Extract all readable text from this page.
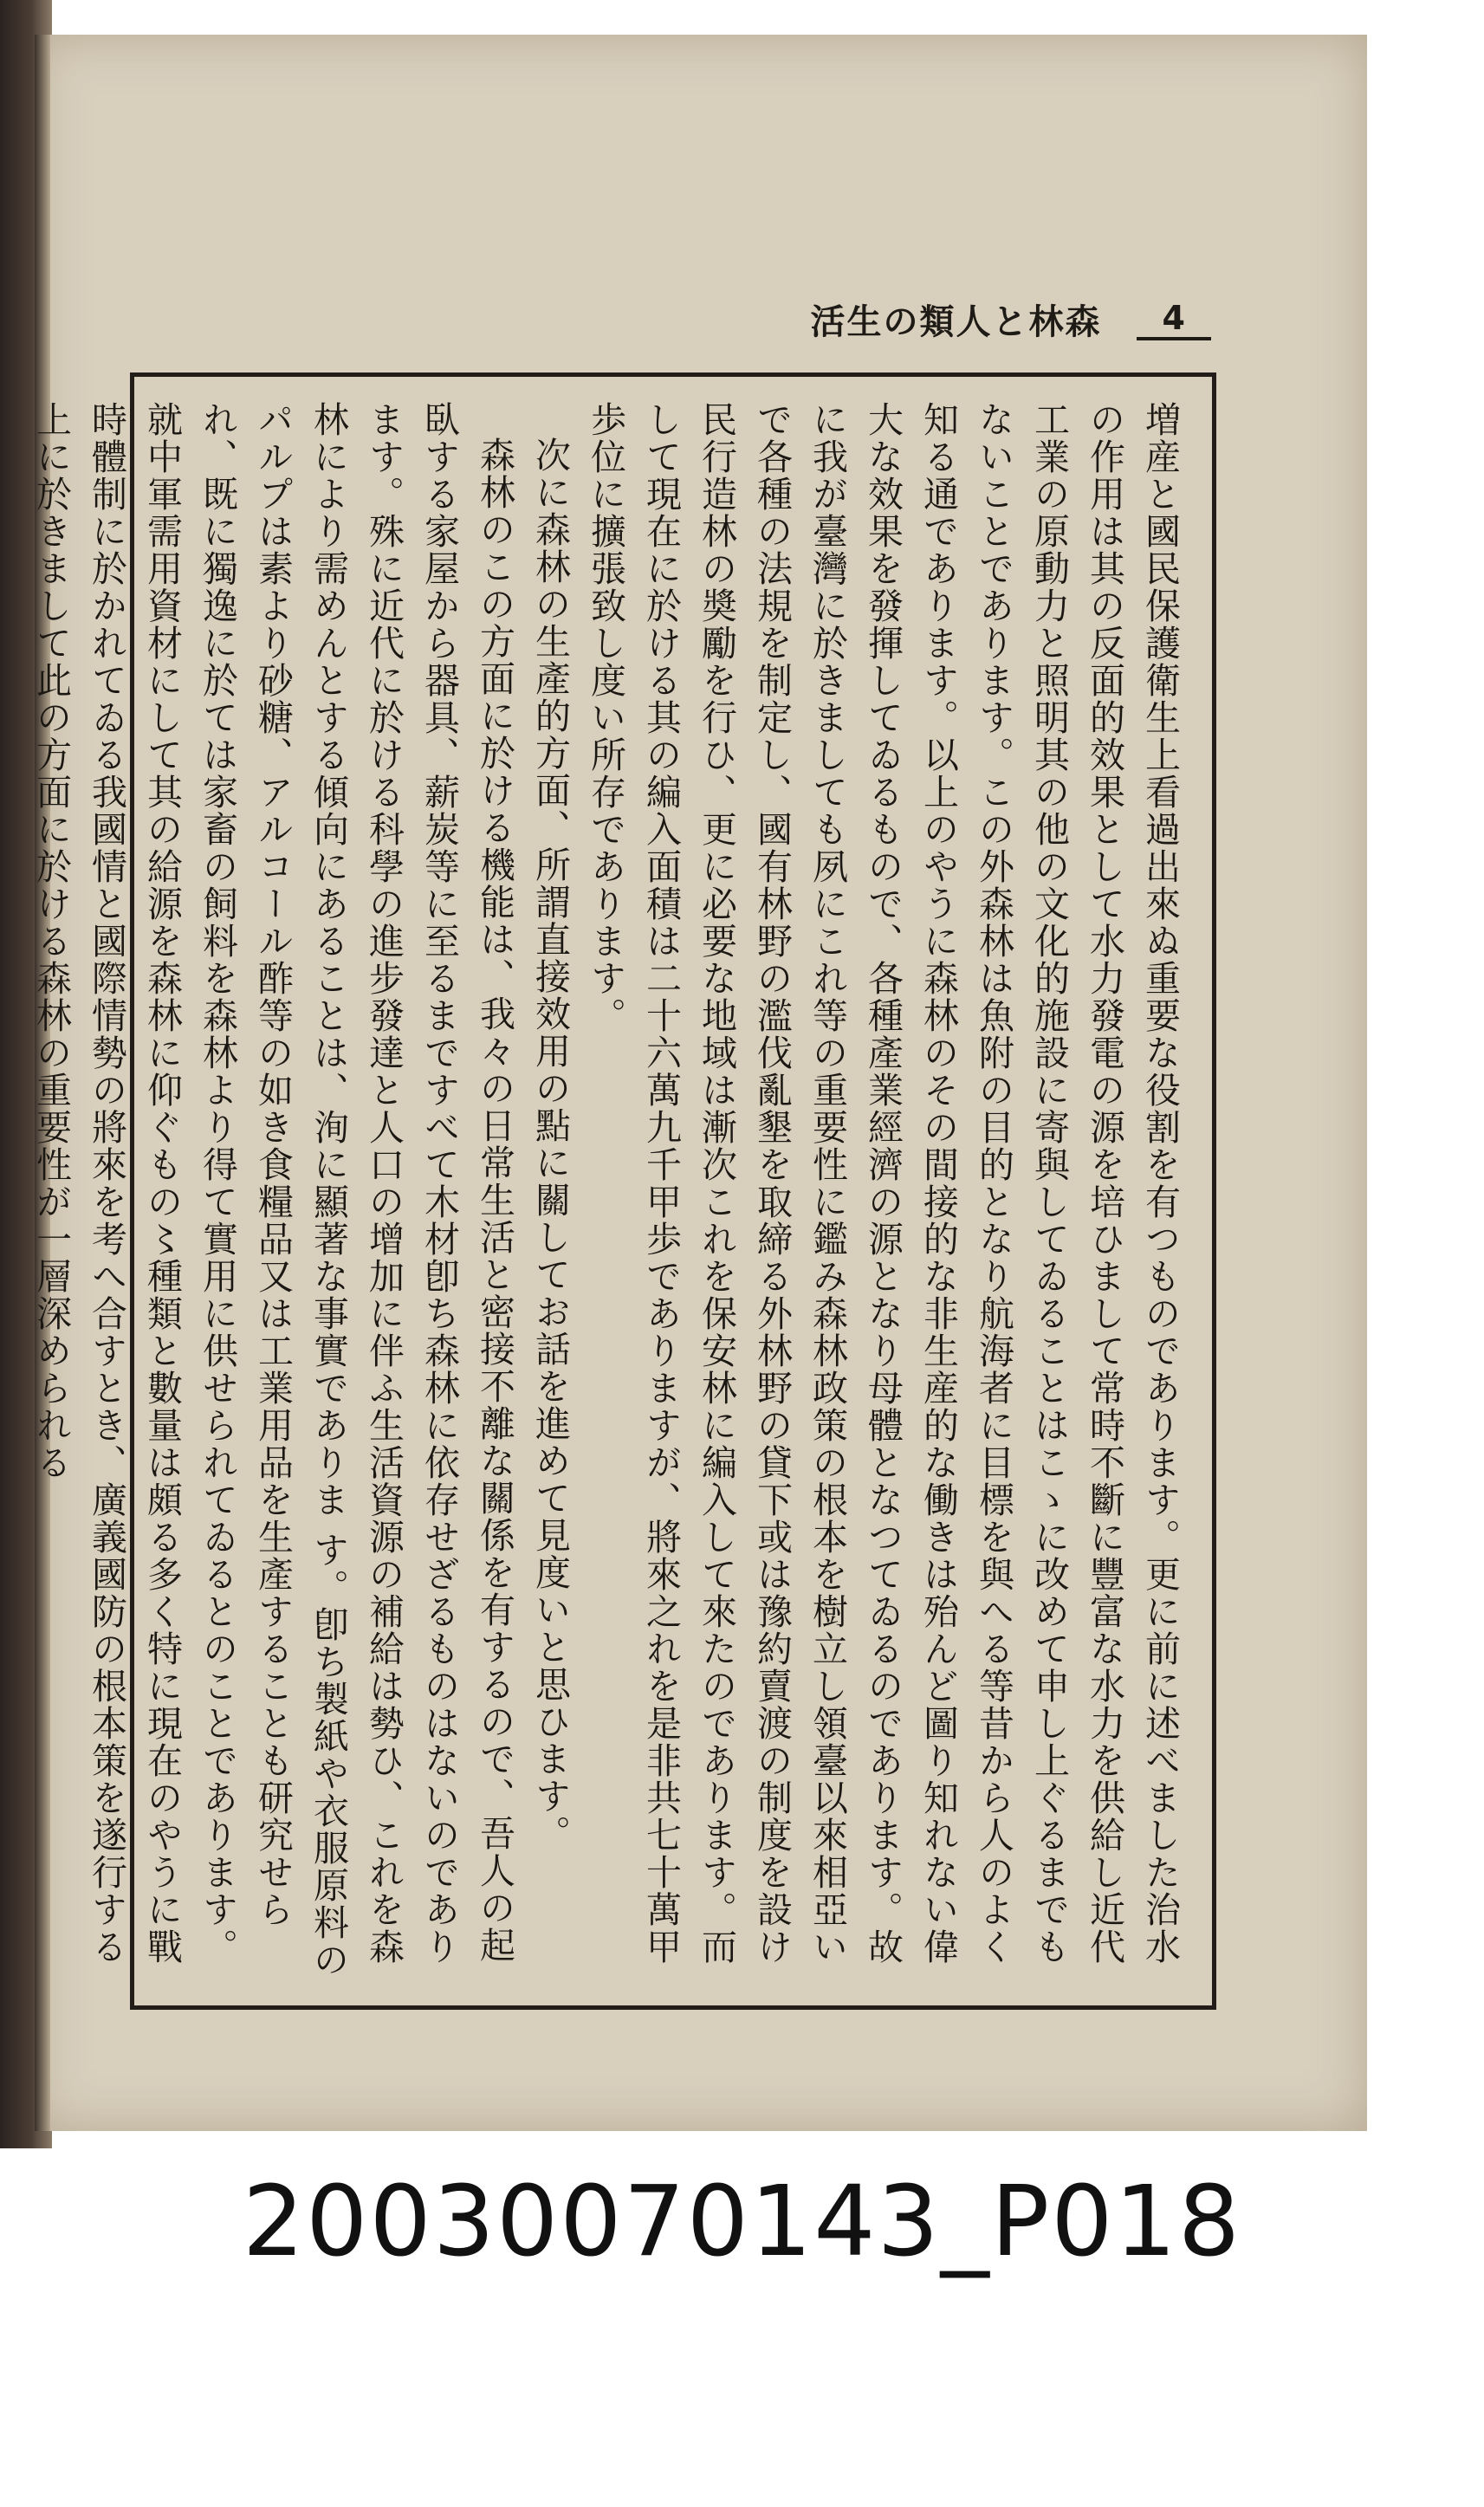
活生の類人と林森	4

増産と國民保護衛生上看過出來ぬ重要な役割を有つものであります。更に前に述べました治水の作用は其の反面的效果として水力發電の源を培ひまして常時不斷に豐富な水力を供給し近代工業の原動力と照明其の他の文化的施設に寄與してゐることはこゝに改めて申し上ぐるまでもないことであります。この外森林は魚附の目的となり航海者に目標を與へる等昔から人のよく知る通であります。以上のやうに森林のその間接的な非生産的な働きは殆んど圖り知れない偉大な效果を發揮してゐるもので、各種產業經濟の源となり母體となつてゐるのであります。故に我が臺灣に於きましても夙にこれ等の重要性に鑑み森林政策の根本を樹立し領臺以來相亞いで各種の法規を制定し、國有林野の濫伐亂墾を取締る外林野の貸下或は豫約賣渡の制度を設け民行造林の奬勵を行ひ、更に必要な地域は漸次これを保安林に編入して來たのであります。而して現在に於ける其の編入面積は二十六萬九千甲歩でありますが、將來之れを是非共七十萬甲歩位に擴張致し度い所存であります。

次に森林の生產的方面、所謂直接效用の點に關してお話を進めて見度いと思ひます。

森林のこの方面に於ける機能は、我々の日常生活と密接不離な關係を有するので、吾人の起臥する家屋から器具、薪炭等に至るまですべて木材卽ち森林に依存せざるものはないのであります。殊に近代に於ける科學の進步發達と人口の增加に伴ふ生活資源の補給は勢ひ、これを森林により需めんとする傾向にあることは、洵に顯著な事實でありま す。卽ち製紙や衣服原料のパルプは素より砂糖、アルコール酢等の如き食糧品又は工業用品を生產することも研究せられ、既に獨逸に於ては家畜の飼料を森林より得て實用に供せられてゐるとのことであります。就中軍需用資材にして其の給源を森林に仰ぐもの〻種類と數量は頗る多く特に現在のやうに戰時體制に於かれてゐる我國情と國際情勢の將來を考へ合すとき、廣義國防の根本策を遂行する上に於きまして此の方面に於ける森林の重要性が一層深められる

20030070143_P018
